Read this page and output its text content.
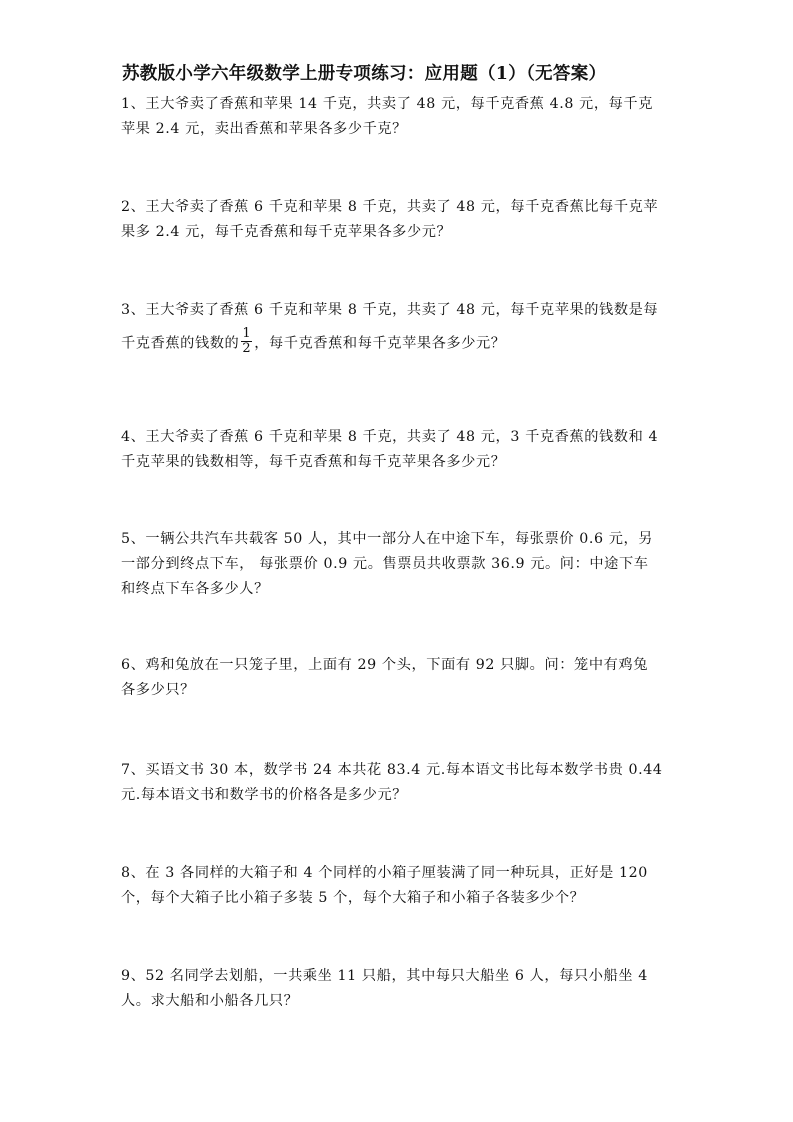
苏教版小学六年级数学上册专项练习：应用题（1）（无答案）
1、王大爷卖了香蕉和苹果 14 千克，共卖了 48 元，每千克香蕉 4.8 元，每千克
苹果 2.4 元，卖出香蕉和苹果各多少千克？
2、王大爷卖了香蕉 6 千克和苹果 8 千克，共卖了 48 元，每千克香蕉比每千克苹
果多 2.4 元，每千克香蕉和每千克苹果各多少元？
3、王大爷卖了香蕉 6 千克和苹果 8 千克，共卖了 48 元，每千克苹果的钱数是每
千克香蕉的钱数的 $\frac{1}{2}$ ，每千克香蕉和每千克苹果各多少元？
4、王大爷卖了香蕉 6 千克和苹果 8 千克，共卖了 48 元，3 千克香蕉的钱数和 4
千克苹果的钱数相等，每千克香蕉和每千克苹果各多少元？
5、一辆公共汽车共载客 50 人，其中一部分人在中途下车，每张票价 0.6 元，另
一部分到终点下车， 每张票价 0.9 元。售票员共收票款 36.9 元。问：中途下车
和终点下车各多少人？
6、鸡和兔放在一只笼子里，上面有 29 个头，下面有 92 只脚。问：笼中有鸡兔
各多少只？
7、买语文书 30 本，数学书 24 本共花 83.4 元.每本语文书比每本数学书贵 0.44
元.每本语文书和数学书的价格各是多少元？
8、在 3 各同样的大箱子和 4 个同样的小箱子厘装满了同一种玩具，正好是 120
个，每个大箱子比小箱子多装 5 个，每个大箱子和小箱子各装多少个？
9、52 名同学去划船，一共乘坐 11 只船，其中每只大船坐 6 人，每只小船坐 4
人。求大船和小船各几只？
